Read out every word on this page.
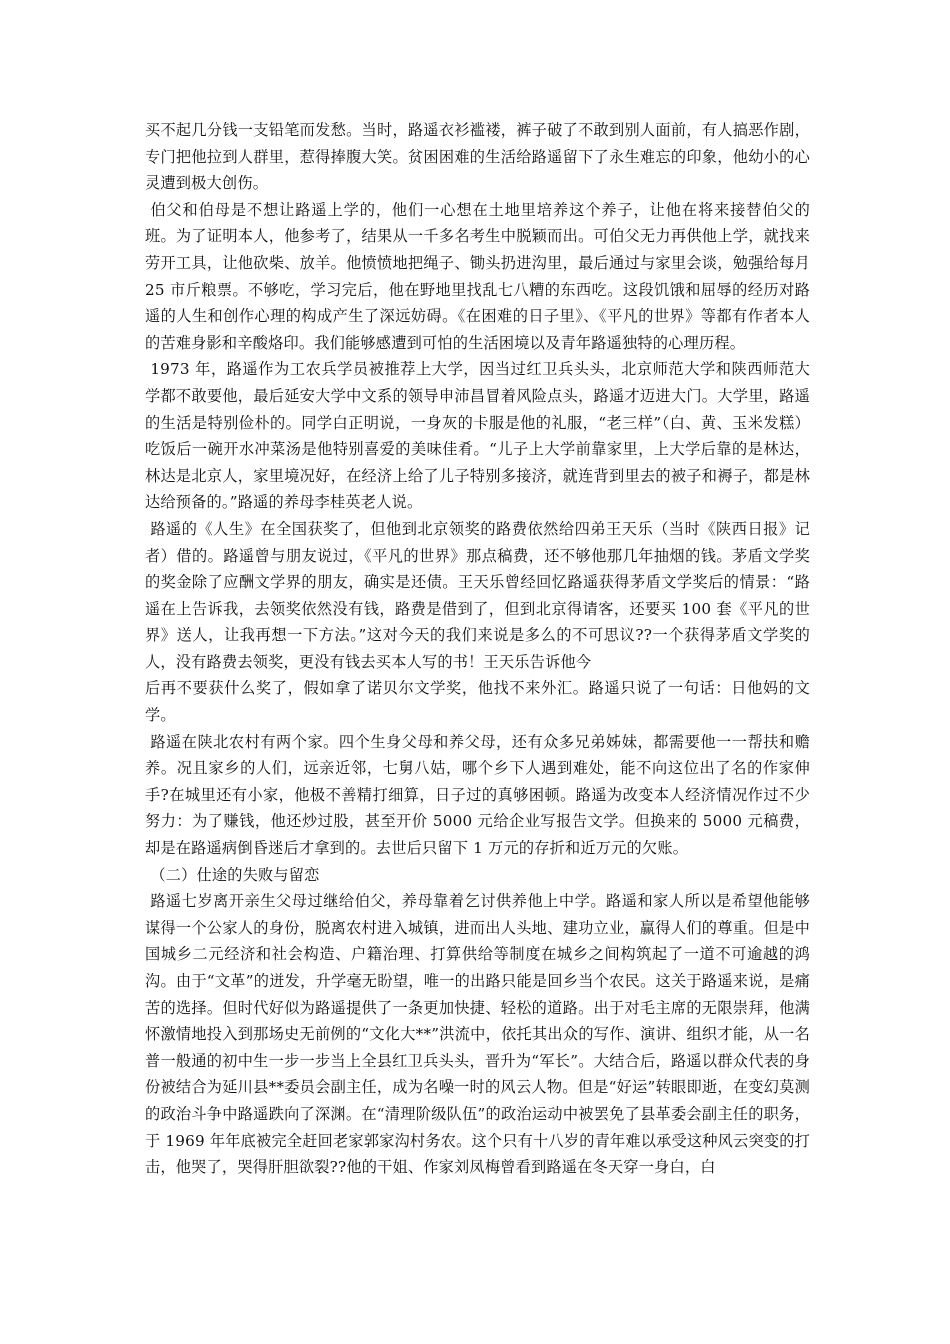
买不起几分钱一支铅笔而发愁。当时，路遥衣衫褴褛，裤子破了不敢到别人面前，有人搞恶作剧，专门把他拉到人群里，惹得捧腹大笑。贫困困难的生活给路遥留下了永生难忘的印象，他幼小的心灵遭到极大创伤。

伯父和伯母是不想让路遥上学的，他们一心想在土地里培养这个养子，让他在将来接替伯父的班。为了证明本人，他参考了，结果从一千多名考生中脱颖而出。可伯父无力再供他上学，就找来劳开工具，让他砍柴、放羊。他愤愤地把绳子、锄头扔进沟里，最后通过与家里会谈，勉强给每月 25 市斤粮票。不够吃，学习完后，他在野地里找乱七八糟的东西吃。这段饥饿和屈辱的经历对路遥的人生和创作心理的构成产生了深远妨碍。《在困难的日子里》、《平凡的世界》等都有作者本人的苦难身影和辛酸烙印。我们能够感遭到可怕的生活困境以及青年路遥独特的心理历程。

1973 年，路遥作为工农兵学员被推荐上大学，因当过红卫兵头头，北京师范大学和陕西师范大学都不敢要他，最后延安大学中文系的领导申沛昌冒着风险点头，路遥才迈进大门。大学里，路遥的生活是特别俭朴的。同学白正明说，一身灰的卡服是他的礼服，“老三样”（白、黄、玉米发糕）吃饭后一碗开水冲菜汤是他特别喜爱的美味佳肴。“儿子上大学前靠家里，上大学后靠的是林达，林达是北京人，家里境况好，在经济上给了儿子特别多接济，就连背到里去的被子和褥子，都是林达给预备的。”路遥的养母李桂英老人说。

路遥的《人生》在全国获奖了，但他到北京领奖的路费依然给四弟王天乐（当时《陕西日报》记者）借的。路遥曾与朋友说过，《平凡的世界》那点稿费，还不够他那几年抽烟的钱。茅盾文学奖的奖金除了应酬文学界的朋友，确实是还债。王天乐曾经回忆路遥获得茅盾文学奖后的情景：“路遥在上告诉我，去领奖依然没有钱，路费是借到了，但到北京得请客，还要买 100 套《平凡的世界》送人，让我再想一下方法。”这对今天的我们来说是多么的不可思议??一个获得茅盾文学奖的人，没有路费去领奖，更没有钱去买本人写的书！王天乐告诉他今

后再不要获什么奖了，假如拿了诺贝尔文学奖，他找不来外汇。路遥只说了一句话：日他妈的文学。

路遥在陕北农村有两个家。四个生身父母和养父母，还有众多兄弟姊妹，都需要他一一帮扶和赡养。况且家乡的人们，远亲近邻，七舅八姑，哪个乡下人遇到难处，能不向这位出了名的作家伸手?在城里还有小家，他极不善精打细算，日子过的真够困顿。路遥为改变本人经济情况作过不少努力：为了赚钱，他还炒过股，甚至开价 5000 元给企业写报告文学。但换来的 5000 元稿费，却是在路遥病倒昏迷后才拿到的。去世后只留下 1 万元的存折和近万元的欠账。

（二）仕途的失败与留恋

路遥七岁离开亲生父母过继给伯父，养母靠着乞讨供养他上中学。路遥和家人所以是希望他能够谋得一个公家人的身份，脱离农村进入城镇，进而出人头地、建功立业，赢得人们的尊重。但是中国城乡二元经济和社会构造、户籍治理、打算供给等制度在城乡之间构筑起了一道不可逾越的鸿沟。由于“文革”的迸发，升学毫无盼望，唯一的出路只能是回乡当个农民。这关于路遥来说，是痛苦的选择。但时代好似为路遥提供了一条更加快捷、轻松的道路。出于对毛主席的无限崇拜，他满怀激情地投入到那场史无前例的“文化大**”洪流中，依托其出众的写作、演讲、组织才能，从一名普一般通的初中生一步一步当上全县红卫兵头头，晋升为“军长”。大结合后，路遥以群众代表的身份被结合为延川县**委员会副主任，成为名噪一时的风云人物。但是“好运”转眼即逝，在变幻莫测的政治斗争中路遥跌向了深渊。在“清理阶级队伍”的政治运动中被罢免了县革委会副主任的职务，于 1969 年年底被完全赶回老家郭家沟村务农。这个只有十八岁的青年难以承受这种风云突变的打击，他哭了，哭得肝胆欲裂??他的干姐、作家刘凤梅曾看到路遥在冬天穿一身白，白
